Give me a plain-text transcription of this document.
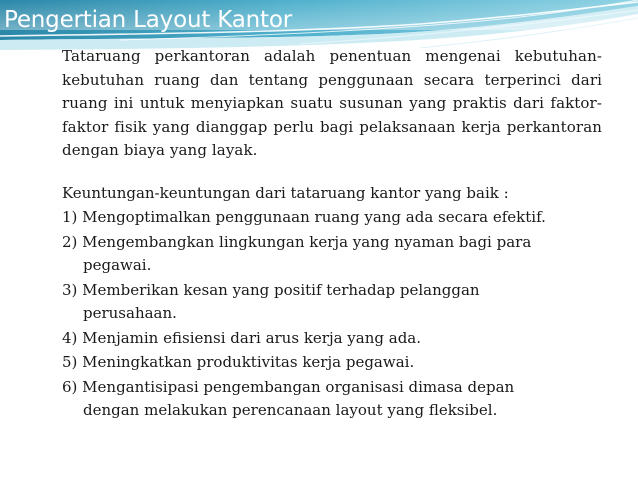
Pengertian Layout Kantor

Tataruang perkantoran adalah penentuan mengenai kebutuhan-kebutuhan ruang dan tentang penggunaan secara terperinci dari ruang ini untuk menyiapkan suatu susunan yang praktis dari faktor-faktor fisik yang dianggap perlu bagi pelaksanaan kerja perkantoran dengan biaya yang layak.

Keuntungan-keuntungan dari tataruang kantor yang baik :

1) Mengoptimalkan penggunaan ruang yang ada secara efektif.
2) Mengembangkan lingkungan kerja yang nyaman bagi para
pegawai.
3) Memberikan kesan yang positif terhadap pelanggan
perusahaan.
4) Menjamin efisiensi dari arus kerja yang ada.
5) Meningkatkan produktivitas kerja pegawai.
6) Mengantisipasi pengembangan organisasi dimasa depan
dengan melakukan perencanaan layout yang fleksibel.
